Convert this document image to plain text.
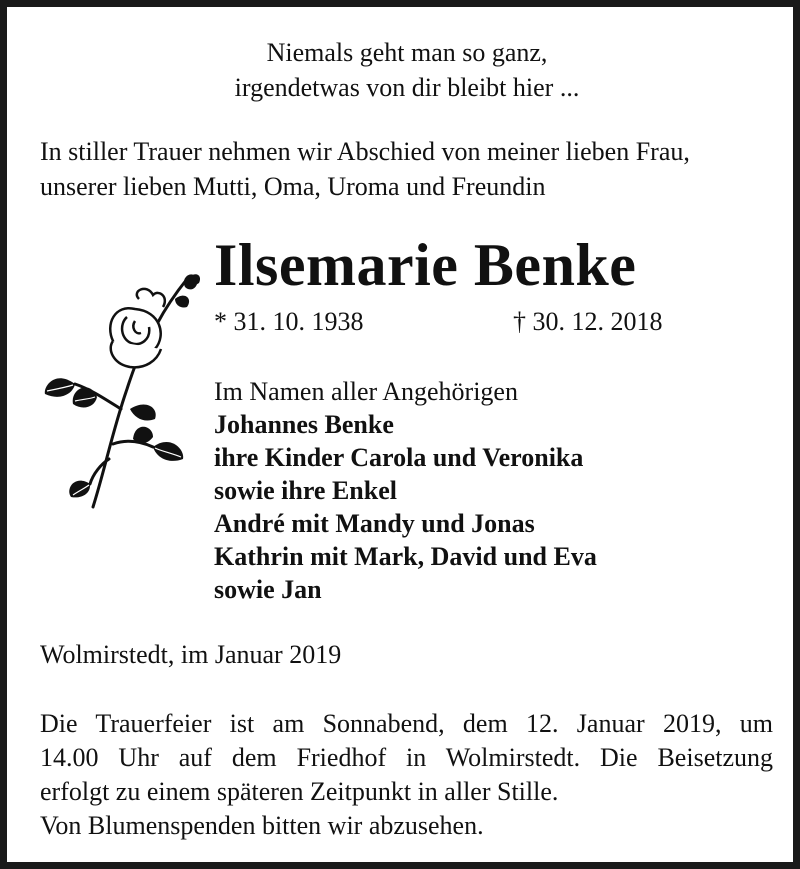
Niemals geht man so ganz,
irgendetwas von dir bleibt hier ...
In stiller Trauer nehmen wir Abschied von meiner lieben Frau,
unserer lieben Mutti, Oma, Uroma und Freundin
Ilsemarie Benke
* 31. 10. 1938	† 30. 12. 2018
Im Namen aller Angehörigen
Johannes Benke
ihre Kinder Carola und Veronika
sowie ihre Enkel
André mit Mandy und Jonas
Kathrin mit Mark, David und Eva
sowie Jan
Wolmirstedt, im Januar 2019
Die Trauerfeier ist am Sonnabend, dem 12. Januar 2019, um
14.00 Uhr auf dem Friedhof in Wolmirstedt. Die Beisetzung
erfolgt zu einem späteren Zeitpunkt in aller Stille.
Von Blumenspenden bitten wir abzusehen.
